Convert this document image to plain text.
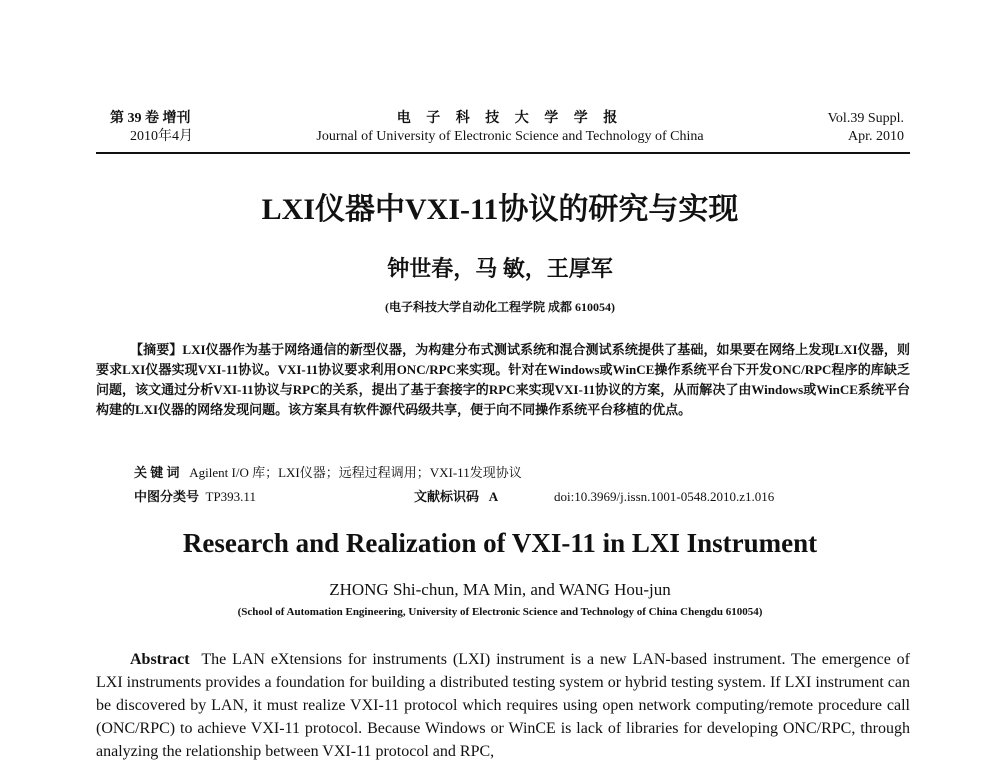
第 39 卷 增刊
2010年4月
电 子 科 技 大 学 学 报
Journal of University of Electronic Science and Technology of China
Vol.39 Suppl.
Apr. 2010
LXI仪器中VXI-11协议的研究与实现
钟世春，马 敏，王厚军
(电子科技大学自动化工程学院 成都 610054)
【摘要】LXI仪器作为基于网络通信的新型仪器，为构建分布式测试系统和混合测试系统提供了基础，如果要在网络上发现LXI仪器，则要求LXI仪器实现VXI-11协议。VXI-11协议要求利用ONC/RPC来实现。针对在Windows或WinCE操作系统平台下开发ONC/RPC程序的库缺乏问题，该文通过分析VXI-11协议与RPC的关系，提出了基于套接字的RPC来实现VXI-11协议的方案，从而解决了由Windows或WinCE系统平台构建的LXI仪器的网络发现问题。该方案具有软件源代码级共享，便于向不同操作系统平台移植的优点。
关 键 词 Agilent I/O 库；LXI仪器；远程过程调用；VXI-11发现协议
中图分类号 TP393.11	文献标识码 A	doi:10.3969/j.issn.1001-0548.2010.z1.016
Research and Realization of VXI-11 in LXI Instrument
ZHONG Shi-chun, MA Min, and WANG Hou-jun
(School of Automation Engineering, University of Electronic Science and Technology of China Chengdu 610054)
Abstract The LAN eXtensions for instruments (LXI) instrument is a new LAN-based instrument. The emergence of LXI instruments provides a foundation for building a distributed testing system or hybrid testing system. If LXI instrument can be discovered by LAN, it must realize VXI-11 protocol which requires using open network computing/remote procedure call (ONC/RPC) to achieve VXI-11 protocol. Because Windows or WinCE is lack of libraries for developing ONC/RPC, through analyzing the relationship between VXI-11 protocol and RPC,
